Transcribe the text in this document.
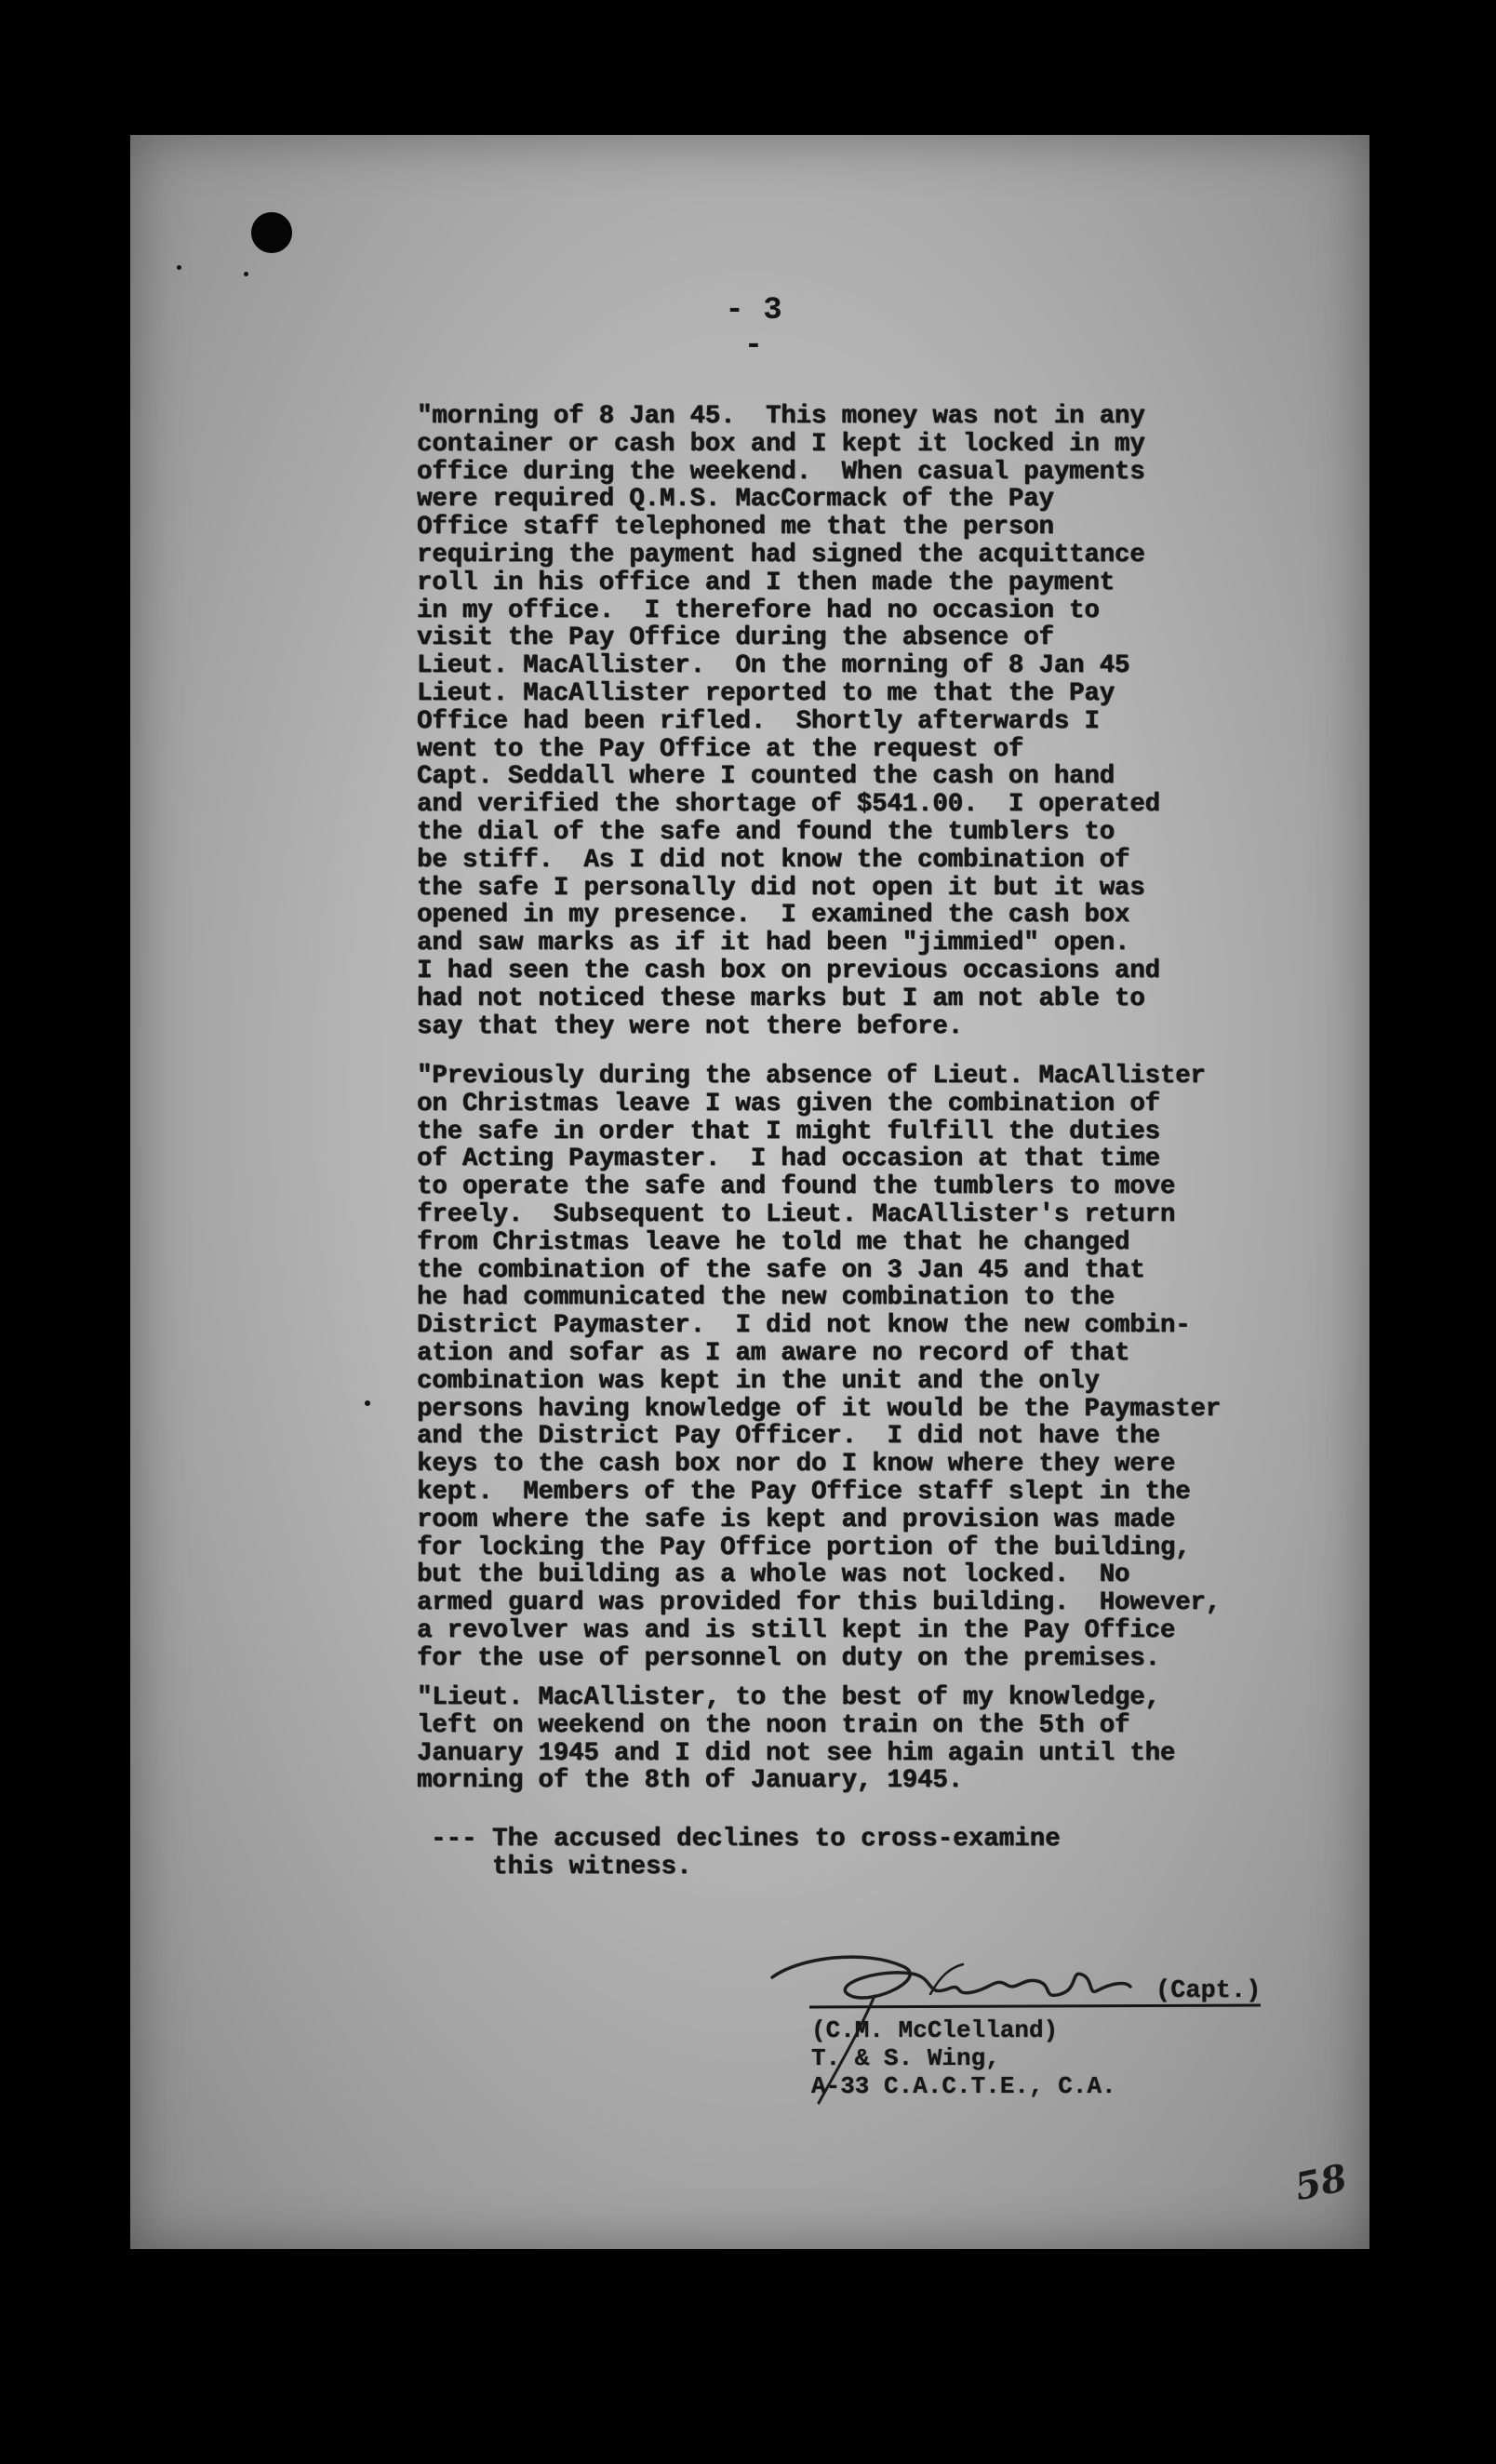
- 3 -
"morning of 8 Jan 45.  This money was not in any
container or cash box and I kept it locked in my
office during the weekend.  When casual payments
were required Q.M.S. MacCormack of the Pay
Office staff telephoned me that the person
requiring the payment had signed the acquittance
roll in his office and I then made the payment
in my office.  I therefore had no occasion to
visit the Pay Office during the absence of
Lieut. MacAllister.  On the morning of 8 Jan 45
Lieut. MacAllister reported to me that the Pay
Office had been rifled.  Shortly afterwards I
went to the Pay Office at the request of
Capt. Seddall where I counted the cash on hand
and verified the shortage of $541.00.  I operated
the dial of the safe and found the tumblers to
be stiff.  As I did not know the combination of
the safe I personally did not open it but it was
opened in my presence.  I examined the cash box
and saw marks as if it had been "jimmied" open.
I had seen the cash box on previous occasions and
had not noticed these marks but I am not able to
say that they were not there before.
"Previously during the absence of Lieut. MacAllister
on Christmas leave I was given the combination of
the safe in order that I might fulfill the duties
of Acting Paymaster.  I had occasion at that time
to operate the safe and found the tumblers to move
freely.  Subsequent to Lieut. MacAllister's return
from Christmas leave he told me that he changed
the combination of the safe on 3 Jan 45 and that
he had communicated the new combination to the
District Paymaster.  I did not know the new combin-
ation and sofar as I am aware no record of that
combination was kept in the unit and the only
persons having knowledge of it would be the Paymaster
and the District Pay Officer.  I did not have the
keys to the cash box nor do I know where they were
kept.  Members of the Pay Office staff slept in the
room where the safe is kept and provision was made
for locking the Pay Office portion of the building,
but the building as a whole was not locked.  No
armed guard was provided for this building.  However,
a revolver was and is still kept in the Pay Office
for the use of personnel on duty on the premises.
"Lieut. MacAllister, to the best of my knowledge,
left on weekend on the noon train on the 5th of
January 1945 and I did not see him again until the
morning of the 8th of January, 1945.
--- The accused declines to cross-examine
this witness.
(Capt.)
(C.M. McClelland)
T. & S. Wing,
A-33 C.A.C.T.E., C.A.
58
